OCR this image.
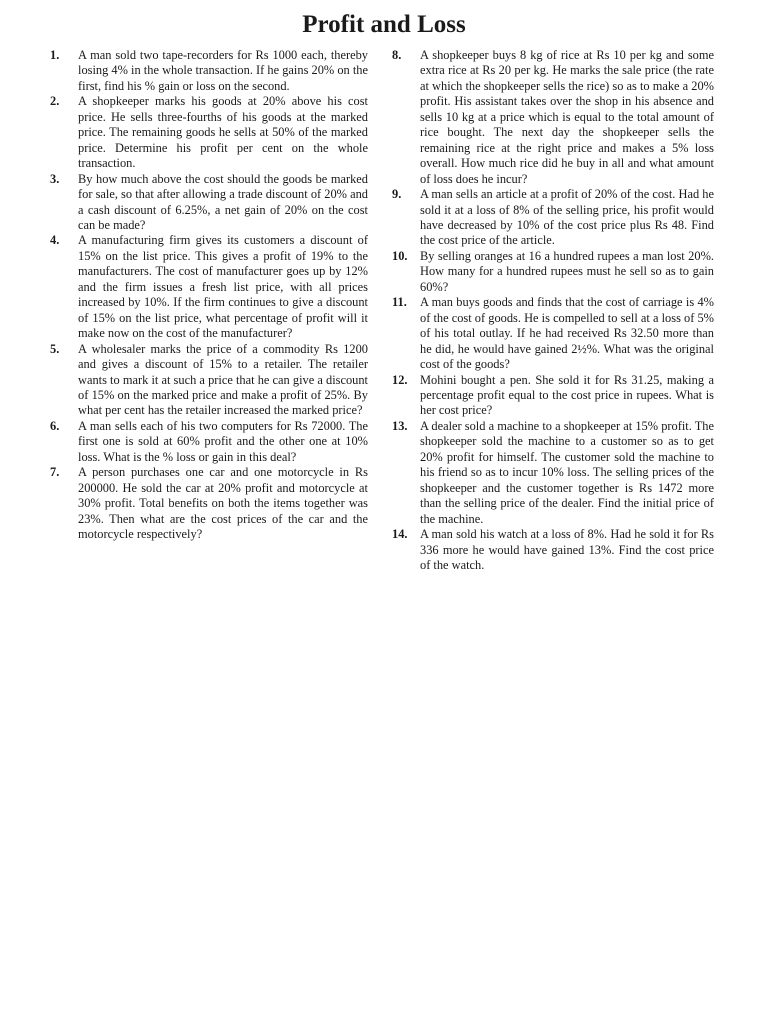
Profit and Loss
1.	A man sold two tape-recorders for Rs 1000 each, thereby losing 4% in the whole transaction. If he gains 20% on the first, find his % gain or loss on the second.
2.	A shopkeeper marks his goods at 20% above his cost price. He sells three-fourths of his goods at the marked price. The remaining goods he sells at 50% of the marked price. Determine his profit per cent on the whole transaction.
3.	By how much above the cost should the goods be marked for sale, so that after allowing a trade discount of 20% and a cash discount of 6.25%, a net gain of 20% on the cost can be made?
4.	A manufacturing firm gives its customers a discount of 15% on the list price. This gives a profit of 19% to the manufacturers. The cost of manufacturer goes up by 12% and the firm issues a fresh list price, with all prices increased by 10%. If the firm continues to give a discount of 15% on the list price, what percentage of profit will it make now on the cost of the manufacturer?
5.	A wholesaler marks the price of a commodity Rs 1200 and gives a discount of 15% to a retailer. The retailer wants to mark it at such a price that he can give a discount of 15% on the marked price and make a profit of 25%. By what per cent has the retailer increased the marked price?
6.	A man sells each of his two computers for Rs 72000. The first one is sold at 60% profit and the other one at 10% loss. What is the % loss or gain in this deal?
7.	A person purchases one car and one motorcycle in Rs 200000. He sold the car at 20% profit and motorcycle at 30% profit. Total benefits on both the items together was 23%. Then what are the cost prices of the car and the motorcycle respectively?
8.	A shopkeeper buys 8 kg of rice at Rs 10 per kg and some extra rice at Rs 20 per kg. He marks the sale price (the rate at which the shopkeeper sells the rice) so as to make a 20% profit. His assistant takes over the shop in his absence and sells 10 kg at a price which is equal to the total amount of rice bought. The next day the shopkeeper sells the remaining rice at the right price and makes a 5% loss overall. How much rice did he buy in all and what amount of loss does he incur?
9.	A man sells an article at a profit of 20% of the cost. Had he sold it at a loss of 8% of the selling price, his profit would have decreased by 10% of the cost price plus Rs 48. Find the cost price of the article.
10.	By selling oranges at 16 a hundred rupees a man lost 20%. How many for a hundred rupees must he sell so as to gain 60%?
11.	A man buys goods and finds that the cost of carriage is 4% of the cost of goods. He is compelled to sell at a loss of 5% of his total outlay. If he had received Rs 32.50 more than he did, he would have gained 2½%. What was the original cost of the goods?
12.	Mohini bought a pen. She sold it for Rs 31.25, making a percentage profit equal to the cost price in rupees. What is her cost price?
13.	A dealer sold a machine to a shopkeeper at 15% profit. The shopkeeper sold the machine to a customer so as to get 20% profit for himself. The customer sold the machine to his friend so as to incur 10% loss. The selling prices of the shopkeeper and the customer together is Rs 1472 more than the selling price of the dealer. Find the initial price of the machine.
14.	A man sold his watch at a loss of 8%. Had he sold it for Rs 336 more he would have gained 13%. Find the cost price of the watch.
